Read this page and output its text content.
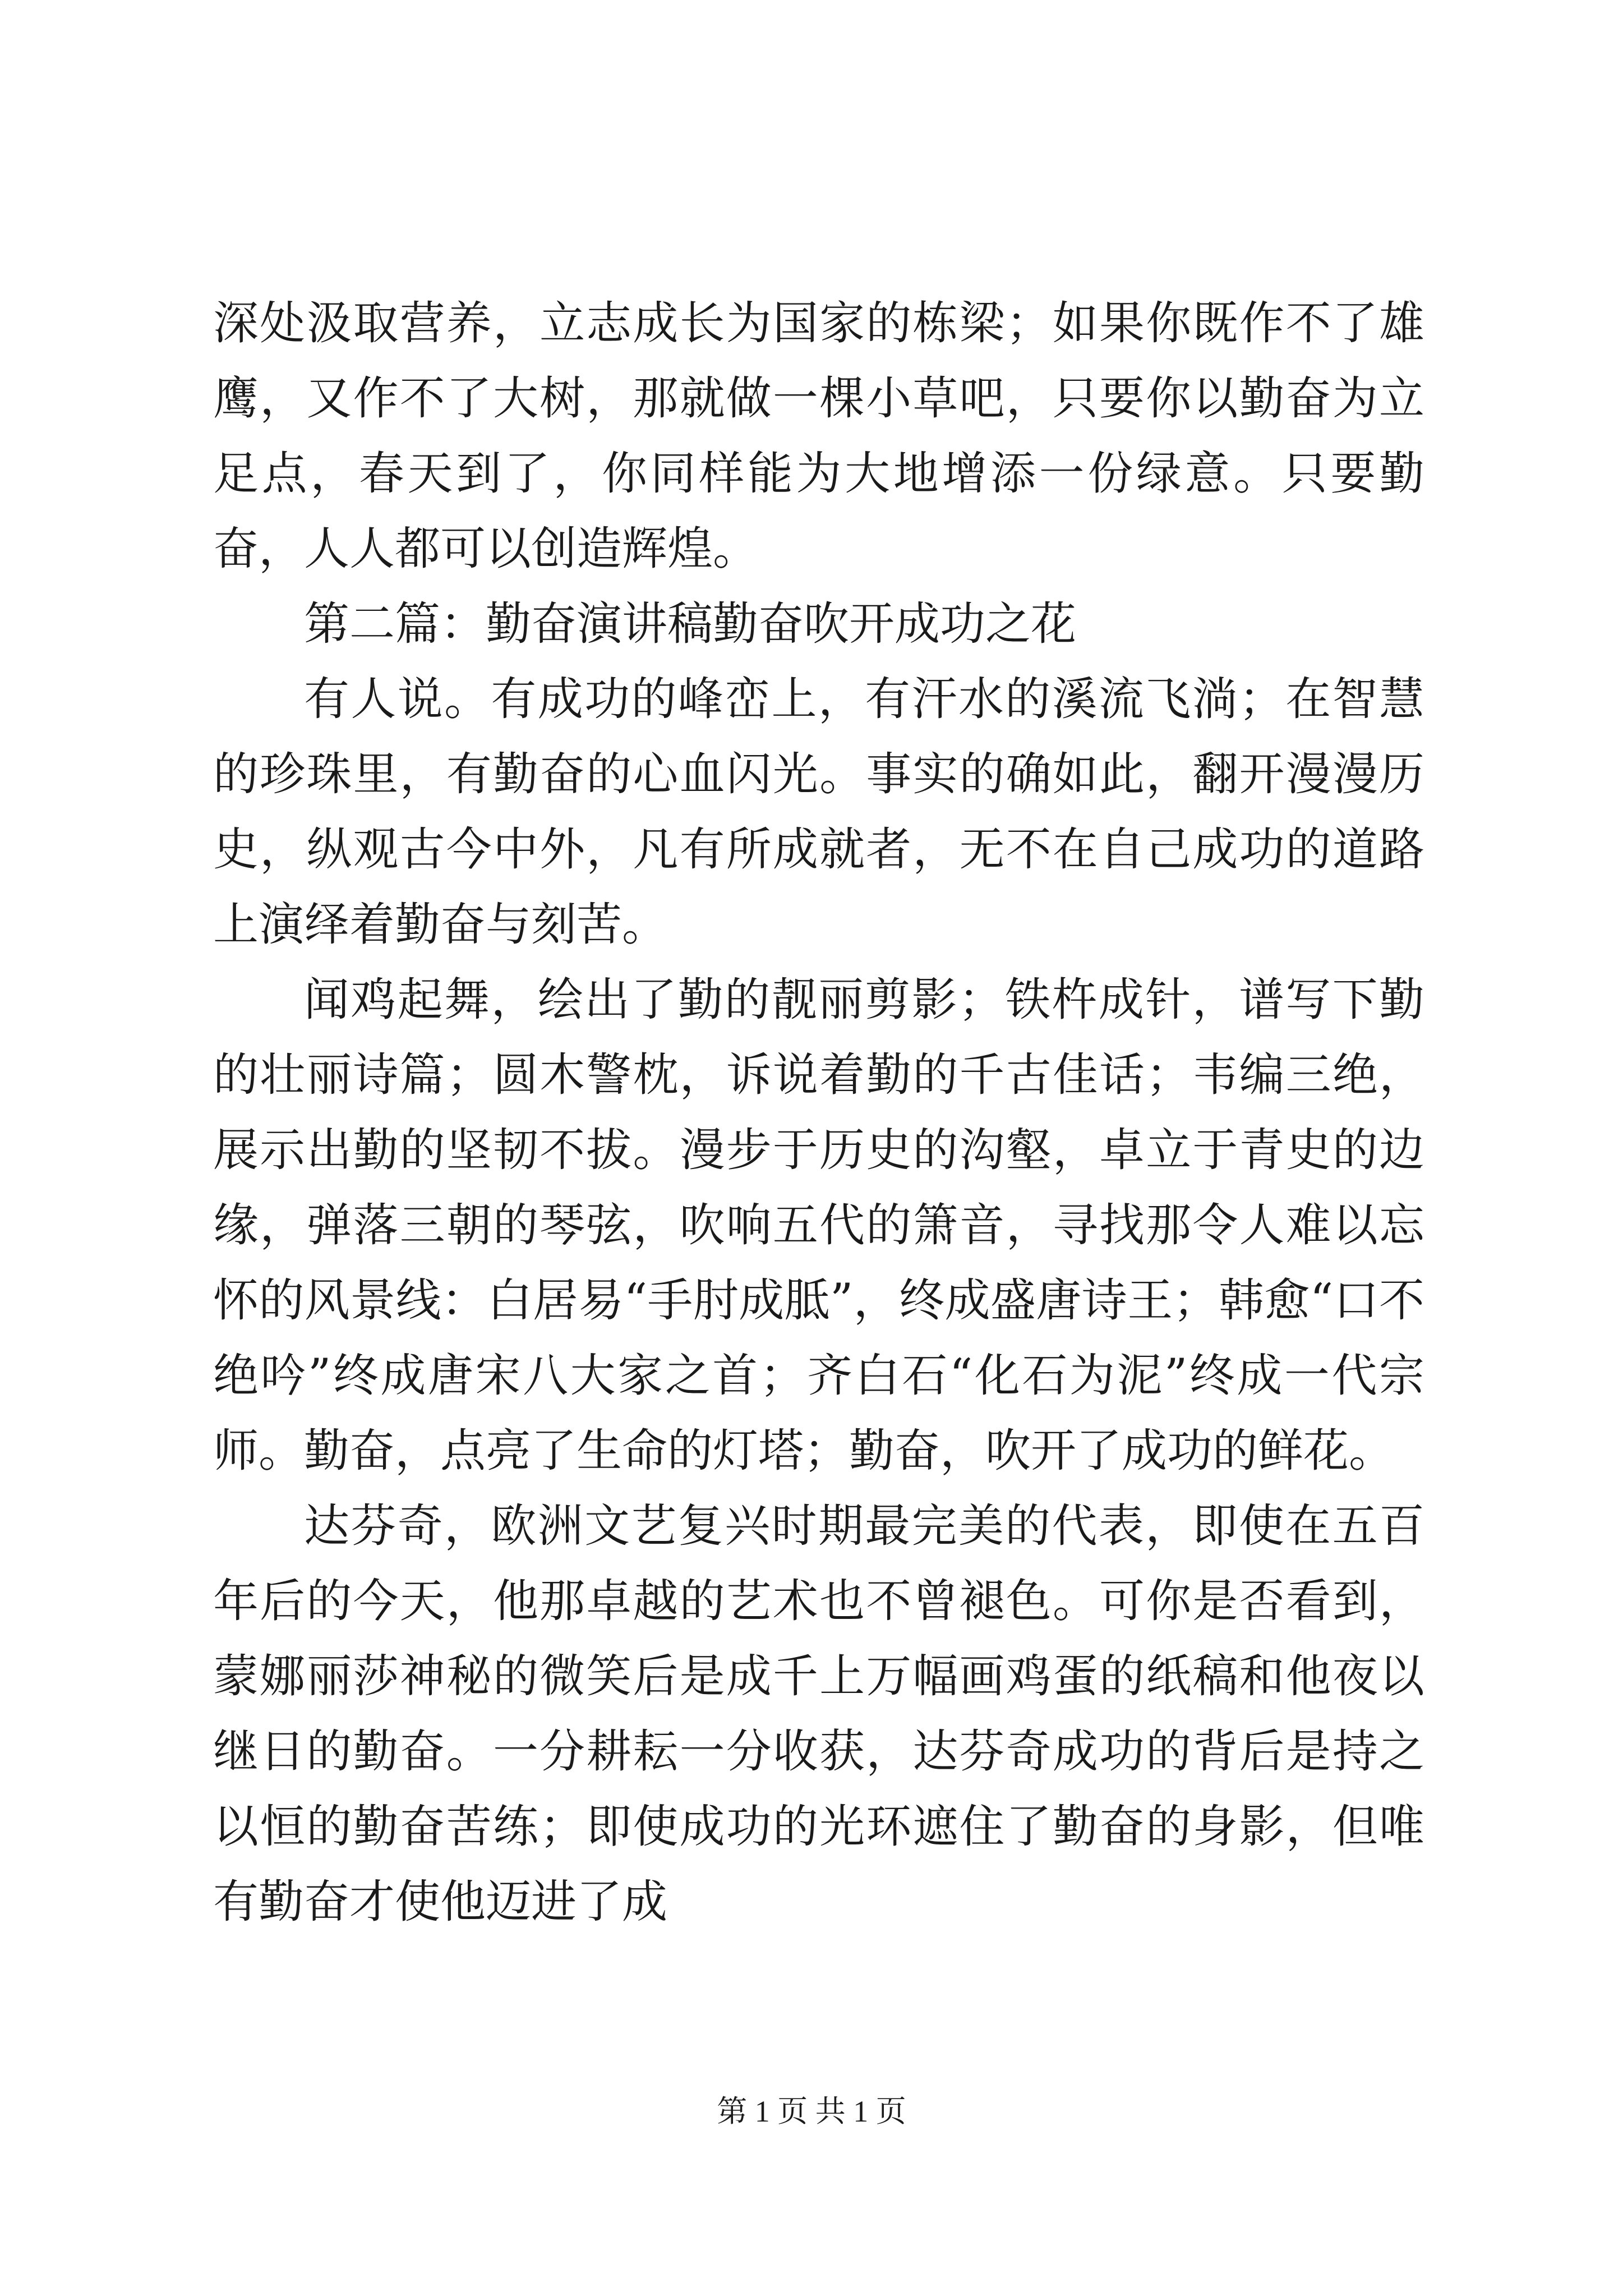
深处汲取营养，立志成长为国家的栋梁；如果你既作不了雄鹰，又作不了大树，那就做一棵小草吧，只要你以勤奋为立足点，春天到了，你同样能为大地增添一份绿意。只要勤奋，人人都可以创造辉煌。

第二篇：勤奋演讲稿勤奋吹开成功之花

有人说。有成功的峰峦上，有汗水的溪流飞淌；在智慧的珍珠里，有勤奋的心血闪光。事实的确如此，翻开漫漫历史，纵观古今中外，凡有所成就者，无不在自己成功的道路上演绎着勤奋与刻苦。

闻鸡起舞，绘出了勤的靓丽剪影；铁杵成针，谱写下勤的壮丽诗篇；圆木警枕，诉说着勤的千古佳话；韦编三绝，展示出勤的坚韧不拔。漫步于历史的沟壑，卓立于青史的边缘，弹落三朝的琴弦，吹响五代的箫音，寻找那令人难以忘怀的风景线：白居易“手肘成胝”，终成盛唐诗王；韩愈“口不绝吟”终成唐宋八大家之首；齐白石“化石为泥”终成一代宗师。勤奋，点亮了生命的灯塔；勤奋，吹开了成功的鲜花。

达芬奇，欧洲文艺复兴时期最完美的代表，即使在五百年后的今天，他那卓越的艺术也不曾褪色。可你是否看到，蒙娜丽莎神秘的微笑后是成千上万幅画鸡蛋的纸稿和他夜以继日的勤奋。一分耕耘一分收获，达芬奇成功的背后是持之以恒的勤奋苦练；即使成功的光环遮住了勤奋的身影，但唯有勤奋才使他迈进了成

第 1 页 共 1 页
